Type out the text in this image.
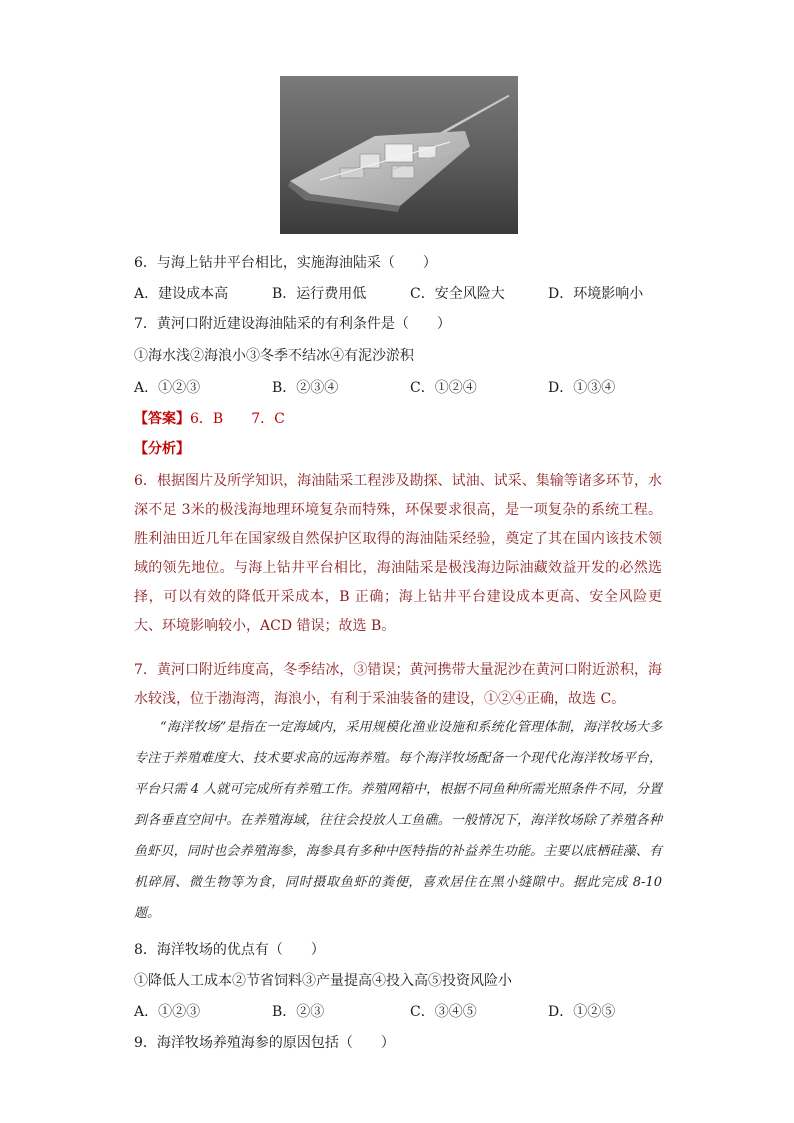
6．与海上钻井平台相比，实施海油陆采（　　）
A．建设成本高	B．运行费用低	C．安全风险大	D．环境影响小
7．黄河口附近建设海油陆采的有利条件是（　　）
①海水浅②海浪小③冬季不结冰④有泥沙淤积
A．①②③	B．②③④	C．①②④	D．①③④
【答案】6．B　　7．C
【分析】
6．根据图片及所学知识，海油陆采工程涉及勘探、试油、试采、集输等诸多环节，水深不足 3米的极浅海地理环境复杂而特殊，环保要求很高，是一项复杂的系统工程。胜利油田近几年在国家级自然保护区取得的海油陆采经验，奠定了其在国内该技术领域的领先地位。与海上钻井平台相比，海油陆采是极浅海边际油藏效益开发的必然选择，可以有效的降低开采成本，B 正确；海上钻井平台建设成本更高、安全风险更大、环境影响较小，ACD 错误；故选 B。
7．黄河口附近纬度高，冬季结冰，③错误；黄河携带大量泥沙在黄河口附近淤积，海水较浅，位于渤海湾，海浪小，有利于采油装备的建设，①②④正确，故选 C。
“海洋牧场”是指在一定海域内，采用规模化渔业设施和系统化管理体制，海洋牧场大多专注于养殖难度大、技术要求高的远海养殖。每个海洋牧场配备一个现代化海洋牧场平台，平台只需 4 人就可完成所有养殖工作。养殖网箱中，根据不同鱼种所需光照条件不同，分置到各垂直空间中。在养殖海域，往往会投放人工鱼礁。一般情况下，海洋牧场除了养殖各种鱼虾贝，同时也会养殖海参，海参具有多种中医特指的补益养生功能。主要以底栖硅藻、有机碎屑、微生物等为食，同时摄取鱼虾的粪便，喜欢居住在黑小缝隙中。据此完成 8-10 题。
8．海洋牧场的优点有（　　）
①降低人工成本②节省饲料③产量提高④投入高⑤投资风险小
A．①②③	B．②③	C．③④⑤	D．①②⑤
9．海洋牧场养殖海参的原因包括（　　）
